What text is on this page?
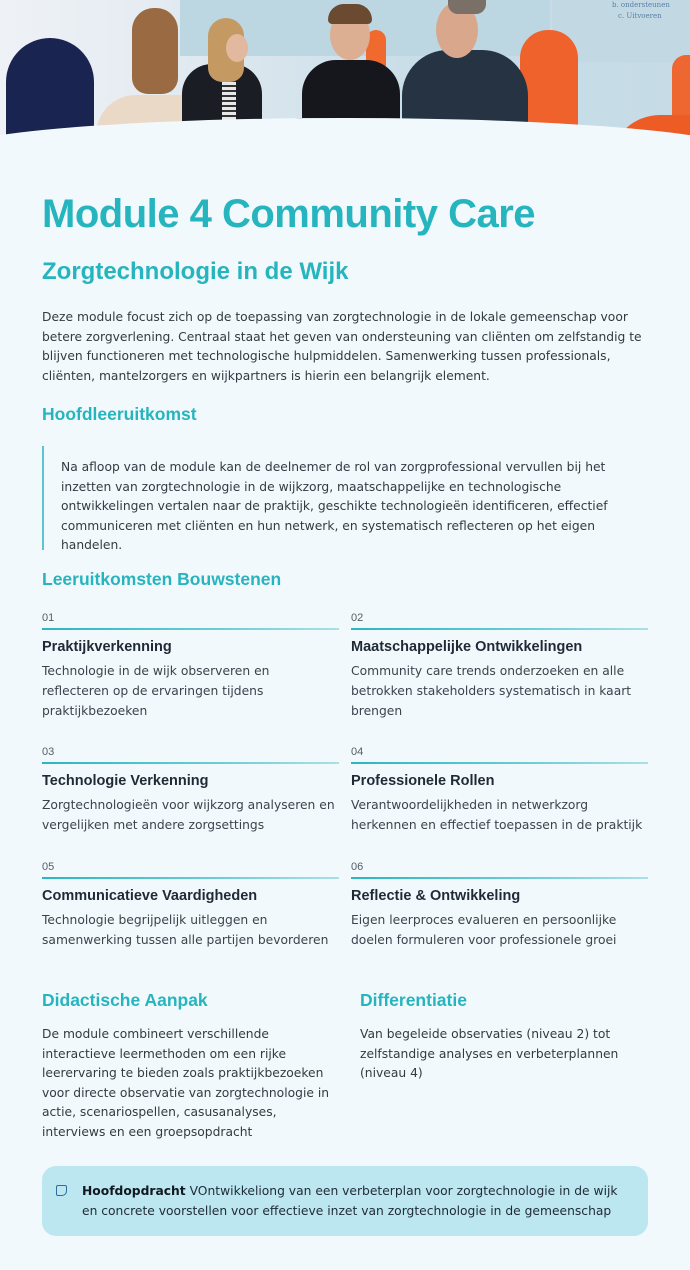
b. ondersteunen
c. Uitvoeren
Module 4 Community Care
Zorgtechnologie in de Wijk

Deze module focust zich op de toepassing van zorgtechnologie in de lokale gemeenschap voor betere zorgverlening. Centraal staat het geven van ondersteuning van cliënten om zelfstandig te blijven functioneren met technologische hulpmiddelen. Samenwerking tussen professionals, cliënten, mantelzorgers en wijkpartners is hierin een belangrijk element.

Hoofdleeruitkomst

Na afloop van de module kan de deelnemer de rol van zorgprofessional vervullen bij het inzetten van zorgtechnologie in de wijkzorg, maatschappelijke en technologische ontwikkelingen vertalen naar de praktijk, geschikte technologieën identificeren, effectief communiceren met cliënten en hun netwerk, en systematisch reflecteren op het eigen handelen.

Leeruitkomsten Bouwstenen
01
Praktijkverkenning
Technologie in de wijk observeren en reflecteren op de ervaringen tijdens praktijkbezoeken
02
Maatschappelijke Ontwikkelingen
Community care trends onderzoeken en alle betrokken stakeholders systematisch in kaart brengen
03
Technologie Verkenning
Zorgtechnologieën voor wijkzorg analyseren en vergelijken met andere zorgsettings
04
Professionele Rollen
Verantwoordelijkheden in netwerkzorg herkennen en effectief toepassen in de praktijk
05
Communicatieve Vaardigheden
Technologie begrijpelijk uitleggen en samenwerking tussen alle partijen bevorderen
06
Reflectie & Ontwikkeling
Eigen leerproces evalueren en persoonlijke doelen formuleren voor professionele groei
Didactische Aanpak

De module combineert verschillende interactieve leermethoden om een rijke leerervaring te bieden zoals praktijkbezoeken voor directe observatie van zorgtechnologie in actie, scenariospellen, casusanalyses, interviews en een groepsopdracht

Differentiatie

Van begeleide observaties (niveau 2) tot zelfstandige analyses en verbeterplannen (niveau 4)

Hoofdopdracht VOntwikkeliong van een verbeterplan voor zorgtechnologie in de wijk en concrete voorstellen voor effectieve inzet van zorgtechnologie in de gemeenschap
